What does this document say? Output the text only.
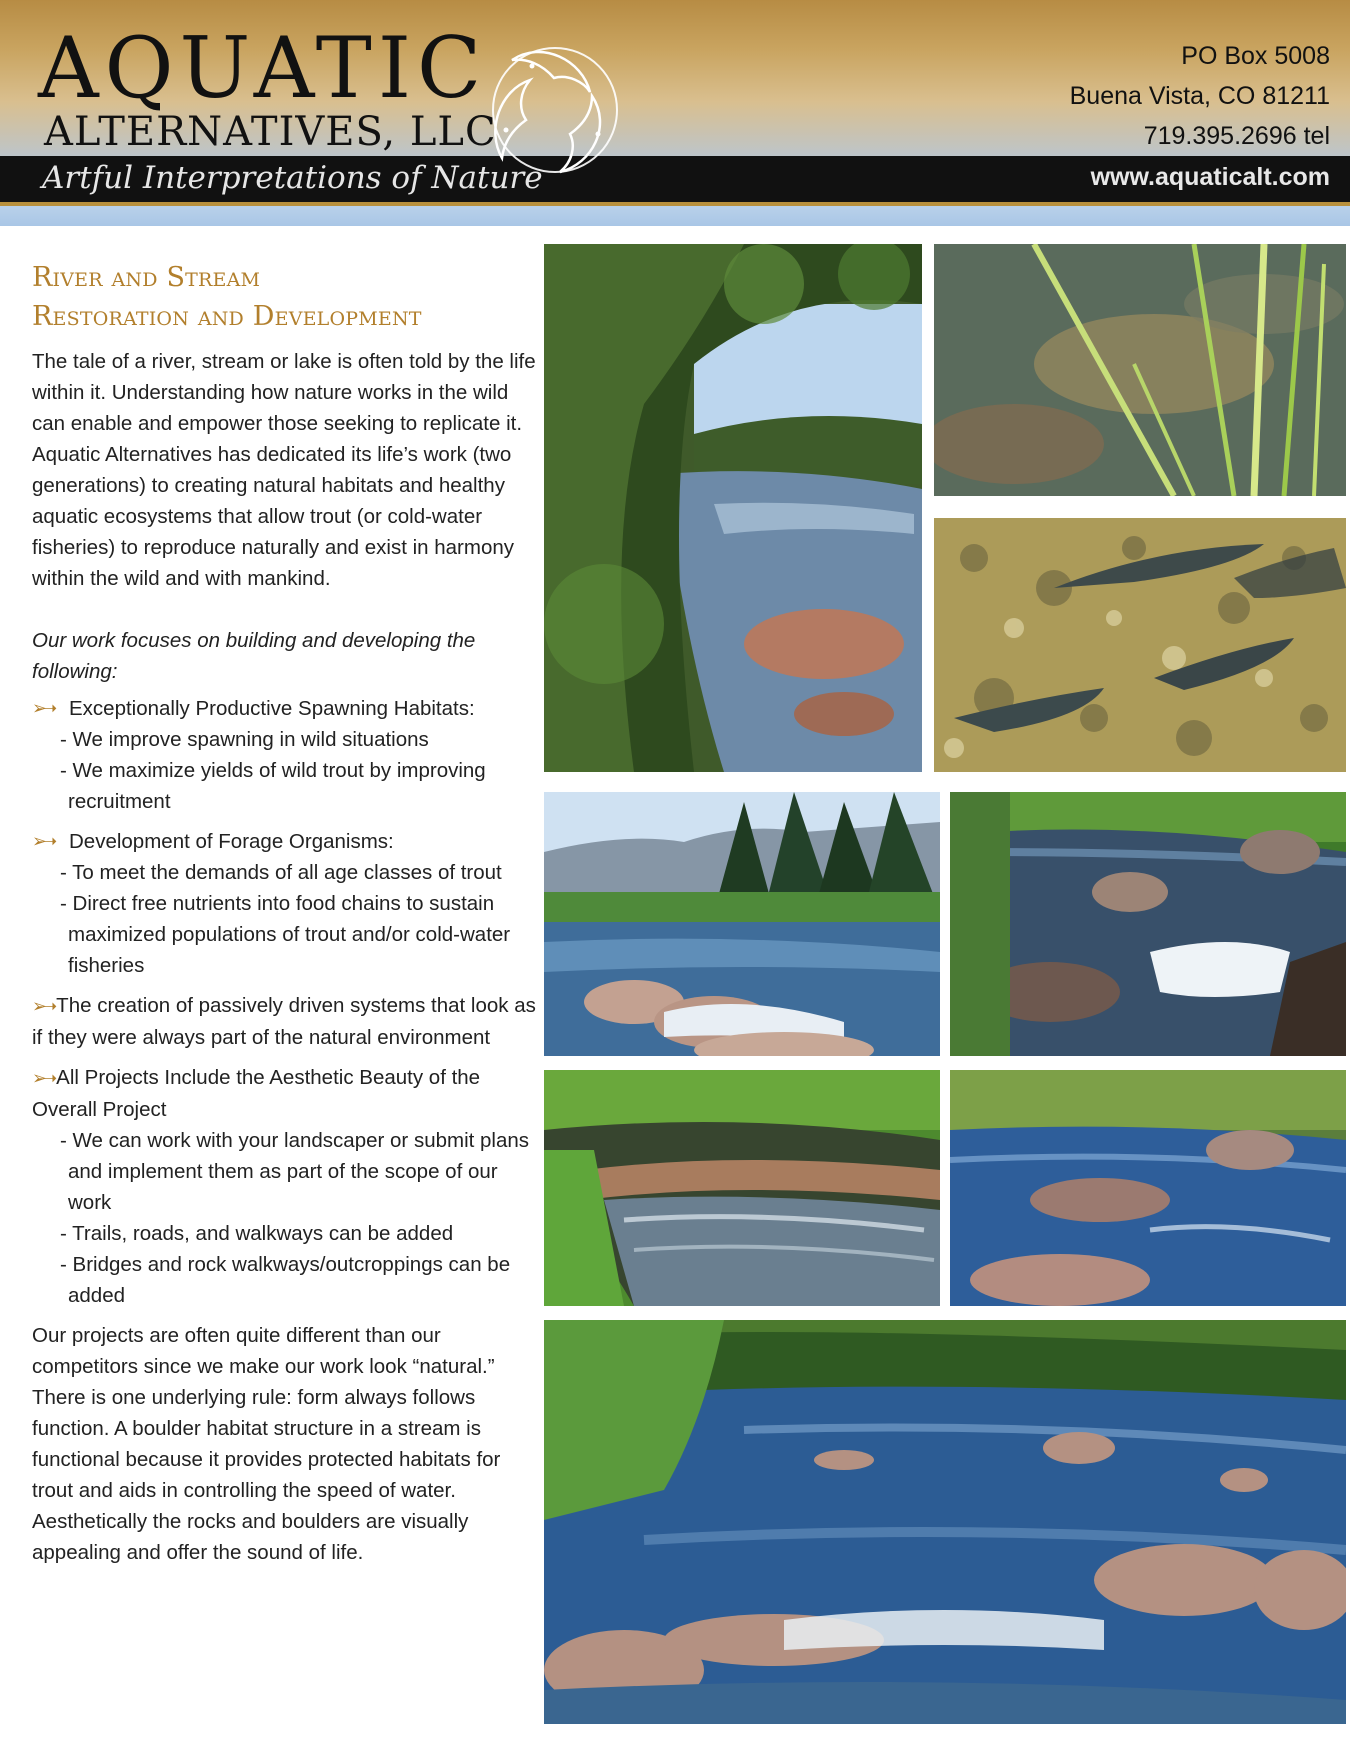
AQUATIC
ALTERNATIVES, LLC
Artful Interpretations of Nature
PO Box 5008
Buena Vista, CO 81211
719.395.2696 tel
www.aquaticalt.com
River and Stream
Restoration and Development

The tale of a river, stream or lake is often told by the life within it. Understanding how nature works in the wild can enable and empower those seeking to replicate it. Aquatic Alternatives has dedicated its life’s work (two generations) to creating natural habitats and healthy aquatic ecosystems that allow trout (or cold-water fisheries) to reproduce naturally and exist in harmony within the wild and with mankind.

Our work focuses on building and developing the following:

➢➝ Exceptionally Productive Spawning Habitats:
- We improve spawning in wild situations
- We maximize yields of wild trout by improving recruitment
➢➝ Development of Forage Organisms:
- To meet the demands of all age classes of trout
- Direct free nutrients into food chains to sustain maximized populations of trout and/or cold-water fisheries
➢➝ The creation of passively driven systems that look as if they were always part of the natural environment
➢➝ All Projects Include the Aesthetic Beauty of the Overall Project
- We can work with your landscaper or submit plans and implement them as part of the scope of our work
- Trails, roads, and walkways can be added
- Bridges and rock walkways/outcroppings can be added

Our projects are often quite different than our competitors since we make our work look “natural.” There is one underlying rule: form always follows function. A boulder habitat structure in a stream is functional because it provides protected habitats for trout and aids in controlling the speed of water. Aesthetically the rocks and boulders are visually appealing and offer the sound of life.
